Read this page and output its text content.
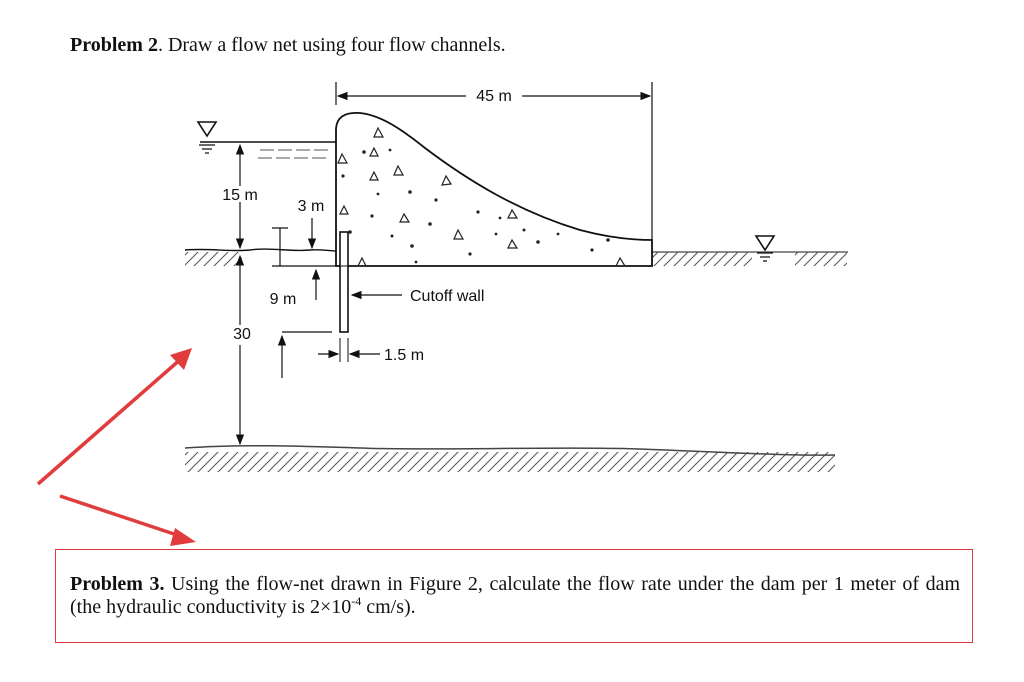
Problem 2. Draw a flow net using four flow channels.
45 m
15 m
30
3 m
9 m	Cutoff wall
1.5 m
Problem 3. Using the flow-net drawn in Figure 2, calculate the flow rate under the dam per 1 meter of dam (the hydraulic conductivity is $2\times 10^{-4}$ cm/s).
